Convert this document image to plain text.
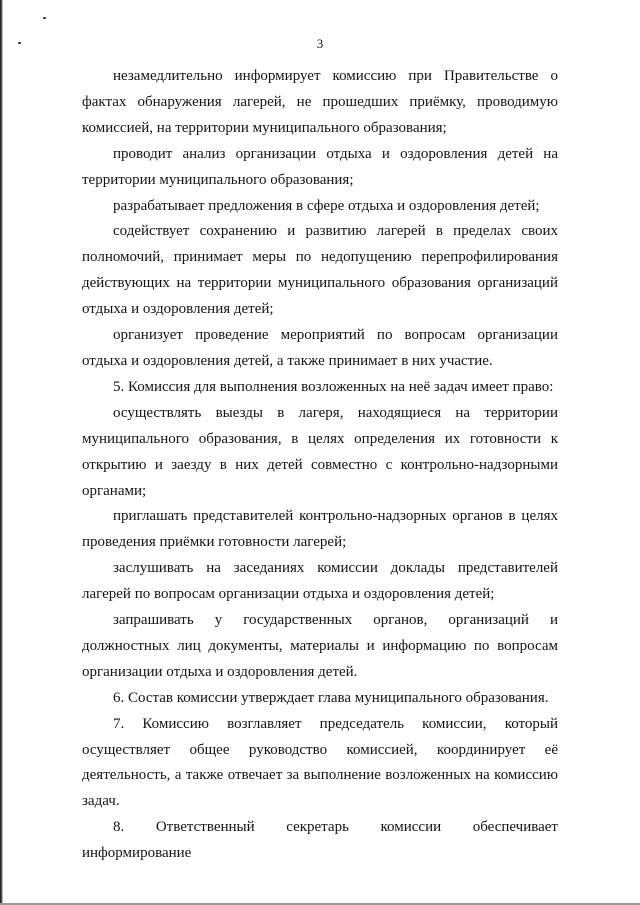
3

незамедлительно информирует комиссию при Правительстве о фактах обнаружения лагерей, не прошедших приёмку, проводимую комиссией, на территории муниципального образования;

проводит анализ организации отдыха и оздоровления детей на территории муниципального образования;

разрабатывает предложения в сфере отдыха и оздоровления детей;

содействует сохранению и развитию лагерей в пределах своих полномочий, принимает меры по недопущению перепрофилирования действующих на территории муниципального образования организаций отдыха и оздоровления детей;

организует проведение мероприятий по вопросам организации отдыха и оздоровления детей, а также принимает в них участие.

5. Комиссия для выполнения возложенных на неё задач имеет право:

осуществлять выезды в лагеря, находящиеся на территории муниципального образования, в целях определения их готовности к открытию и заезду в них детей совместно с контрольно-надзорными органами;

приглашать представителей контрольно-надзорных органов в целях проведения приёмки готовности лагерей;

заслушивать на заседаниях комиссии доклады представителей лагерей по вопросам организации отдыха и оздоровления детей;

запрашивать у государственных органов, организаций и должностных лиц документы, материалы и информацию по вопросам организации отдыха и оздоровления детей.

6. Состав комиссии утверждает глава муниципального образования.

7. Комиссию возглавляет председатель комиссии, который осуществляет общее руководство комиссией, координирует её деятельность, а также отвечает за выполнение возложенных на комиссию задач.

8. Ответственный секретарь комиссии обеспечивает информирование
